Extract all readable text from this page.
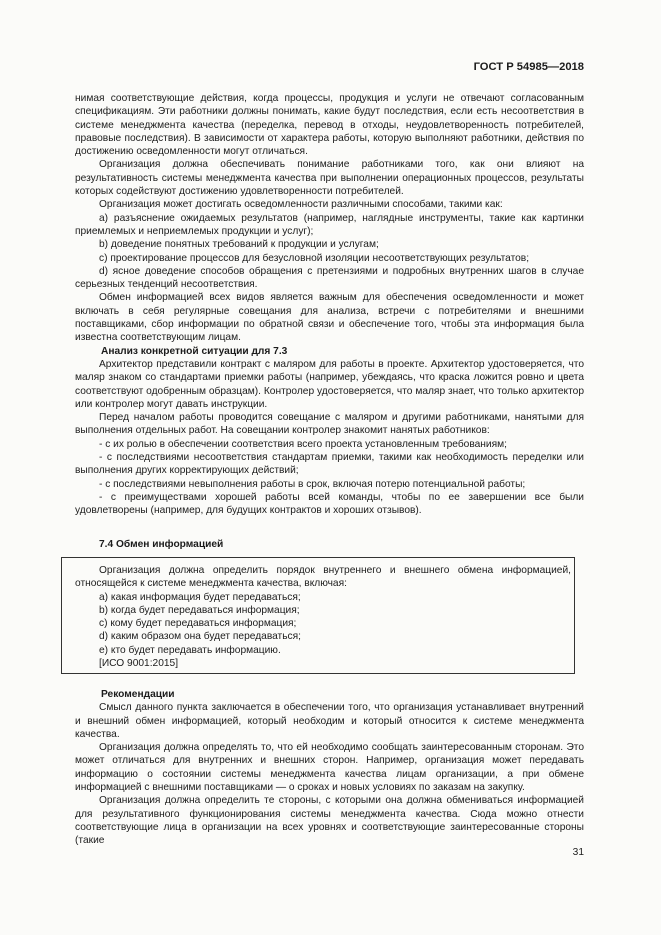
ГОСТ Р 54985—2018

нимая соответствующие действия, когда процессы, продукция и услуги не отвечают согласованным спецификациям. Эти работники должны понимать, какие будут последствия, если есть несоответствия в системе менеджмента качества (переделка, перевод в отходы, неудовлетворенность потребителей, правовые последствия). В зависимости от характера работы, которую выполняют работники, действия по достижению осведомленности могут отличаться.

Организация должна обеспечивать понимание работниками того, как они влияют на результативность системы менеджмента качества при выполнении операционных процессов, результаты которых содействуют достижению удовлетворенности потребителей.

Организация может достигать осведомленности различными способами, такими как:

a) разъяснение ожидаемых результатов (например, наглядные инструменты, такие как картинки приемлемых и неприемлемых продукции и услуг);

b) доведение понятных требований к продукции и услугам;

c) проектирование процессов для безусловной изоляции несоответствующих результатов;

d) ясное доведение способов обращения с претензиями и подробных внутренних шагов в случае серьезных тенденций несоответствия.

Обмен информацией всех видов является важным для обеспечения осведомленности и может включать в себя регулярные совещания для анализа, встречи с потребителями и внешними поставщиками, сбор информации по обратной связи и обеспечение того, чтобы эта информация была известна соответствующим лицам.

Анализ конкретной ситуации для 7.3

Архитектор представили контракт с маляром для работы в проекте. Архитектор удостоверяется, что маляр знаком со стандартами приемки работы (например, убеждаясь, что краска ложится ровно и цвета соответствуют одобренным образцам). Контролер удостоверяется, что маляр знает, что только архитектор или контролер могут давать инструкции.

Перед началом работы проводится совещание с маляром и другими работниками, нанятыми для выполнения отдельных работ. На совещании контролер знакомит нанятых работников:

- с их ролью в обеспечении соответствия всего проекта установленным требованиям;

- с последствиями несоответствия стандартам приемки, такими как необходимость переделки или выполнения других корректирующих действий;

- с последствиями невыполнения работы в срок, включая потерю потенциальной работы;

- с преимуществами хорошей работы всей команды, чтобы по ее завершении все были удовлетворены (например, для будущих контрактов и хороших отзывов).

7.4 Обмен информацией

Организация должна определить порядок внутреннего и внешнего обмена информацией, относящейся к системе менеджмента качества, включая:

a) какая информация будет передаваться;

b) когда будет передаваться информация;

c) кому будет передаваться информация;

d) каким образом она будет передаваться;

e) кто будет передавать информацию.

[ИСО 9001:2015]

Рекомендации

Смысл данного пункта заключается в обеспечении того, что организация устанавливает внутренний и внешний обмен информацией, который необходим и который относится к системе менеджмента качества.

Организация должна определять то, что ей необходимо сообщать заинтересованным сторонам. Это может отличаться для внутренних и внешних сторон. Например, организация может передавать информацию о состоянии системы менеджмента качества лицам организации, а при обмене информацией с внешними поставщиками — о сроках и новых условиях по заказам на закупку.

Организация должна определить те стороны, с которыми она должна обмениваться информацией для результативного функционирования системы менеджмента качества. Сюда можно отнести соответствующие лица в организации на всех уровнях и соответствующие заинтересованные стороны (такие

31
